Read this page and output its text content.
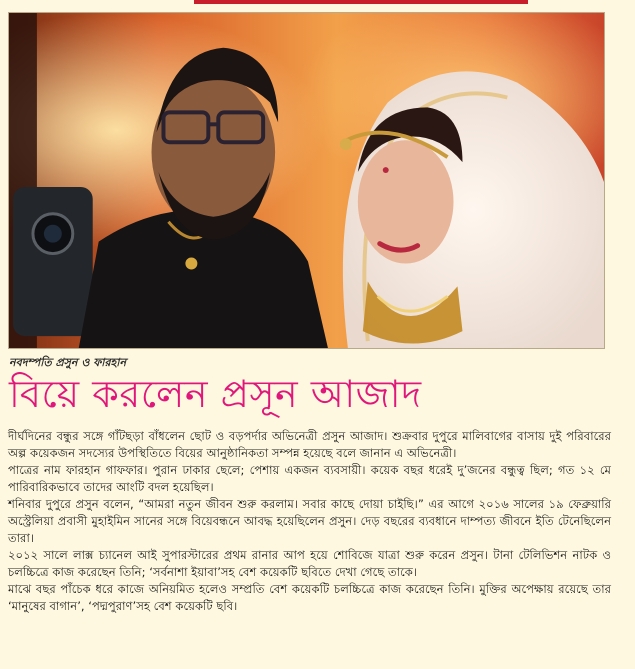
নবদম্পতি প্রসুন ও ফারহান
বিয়ে করলেন প্রসূন আজাদ

দীর্ঘদিনের বন্ধুর সঙ্গে গাঁটছড়া বাঁধলেন ছোট ও বড়পর্দার অভিনেত্রী প্রসুন আজাদ। শুক্রবার দুপুরে মালিবাগের বাসায় দুই পরিবারের অল্প কয়েকজন সদস্যের উপস্থিতিতে বিয়ের আনুষ্ঠানিকতা সম্পন্ন হয়েছে বলে জানান এ অভিনেত্রী।

পাত্রের নাম ফারহান গাফফার। পুরান ঢাকার ছেলে; পেশায় একজন ব্যবসায়ী। কয়েক বছর ধরেই দু’জনের বন্ধুত্ব ছিল; গত ১২ মে পারিবারিকভাবে তাদের আংটি বদল হয়েছিল।

শনিবার দুপুরে প্রসুন বলেন, “আমরা নতুন জীবন শুরু করলাম। সবার কাছে দোয়া চাইছি।” এর আগে ২০১৬ সালের ১৯ ফেব্রুয়ারি অস্ট্রেলিয়া প্রবাসী মুহাইমিন সানের সঙ্গে বিয়েবন্ধনে আবদ্ধ হয়েছিলেন প্রসুন। দেড় বছরের ব্যবধানে দাম্পত্য জীবনে ইতি টেনেছিলেন তারা।

২০১২ সালে লাক্স চ্যানেল আই সুপারস্টারের প্রথম রানার আপ হয়ে শোবিজে যাত্রা শুরু করেন প্রসুন। টানা টেলিভিশন নাটক ও চলচ্চিত্রে কাজ করেছেন তিনি; ‘সর্বনাশা ইয়াবা’সহ বেশ কয়েকটি ছবিতে দেখা গেছে তাকে।

মাঝে বছর পাঁচেক ধরে কাজে অনিয়মিত হলেও সম্প্রতি বেশ কয়েকটি চলচ্চিত্রে কাজ করেছেন তিনি। মুক্তির অপেক্ষায় রয়েছে তার ‘মানুষের বাগান’, ‘পদ্মপুরাণ’সহ বেশ কয়েকটি ছবি।
